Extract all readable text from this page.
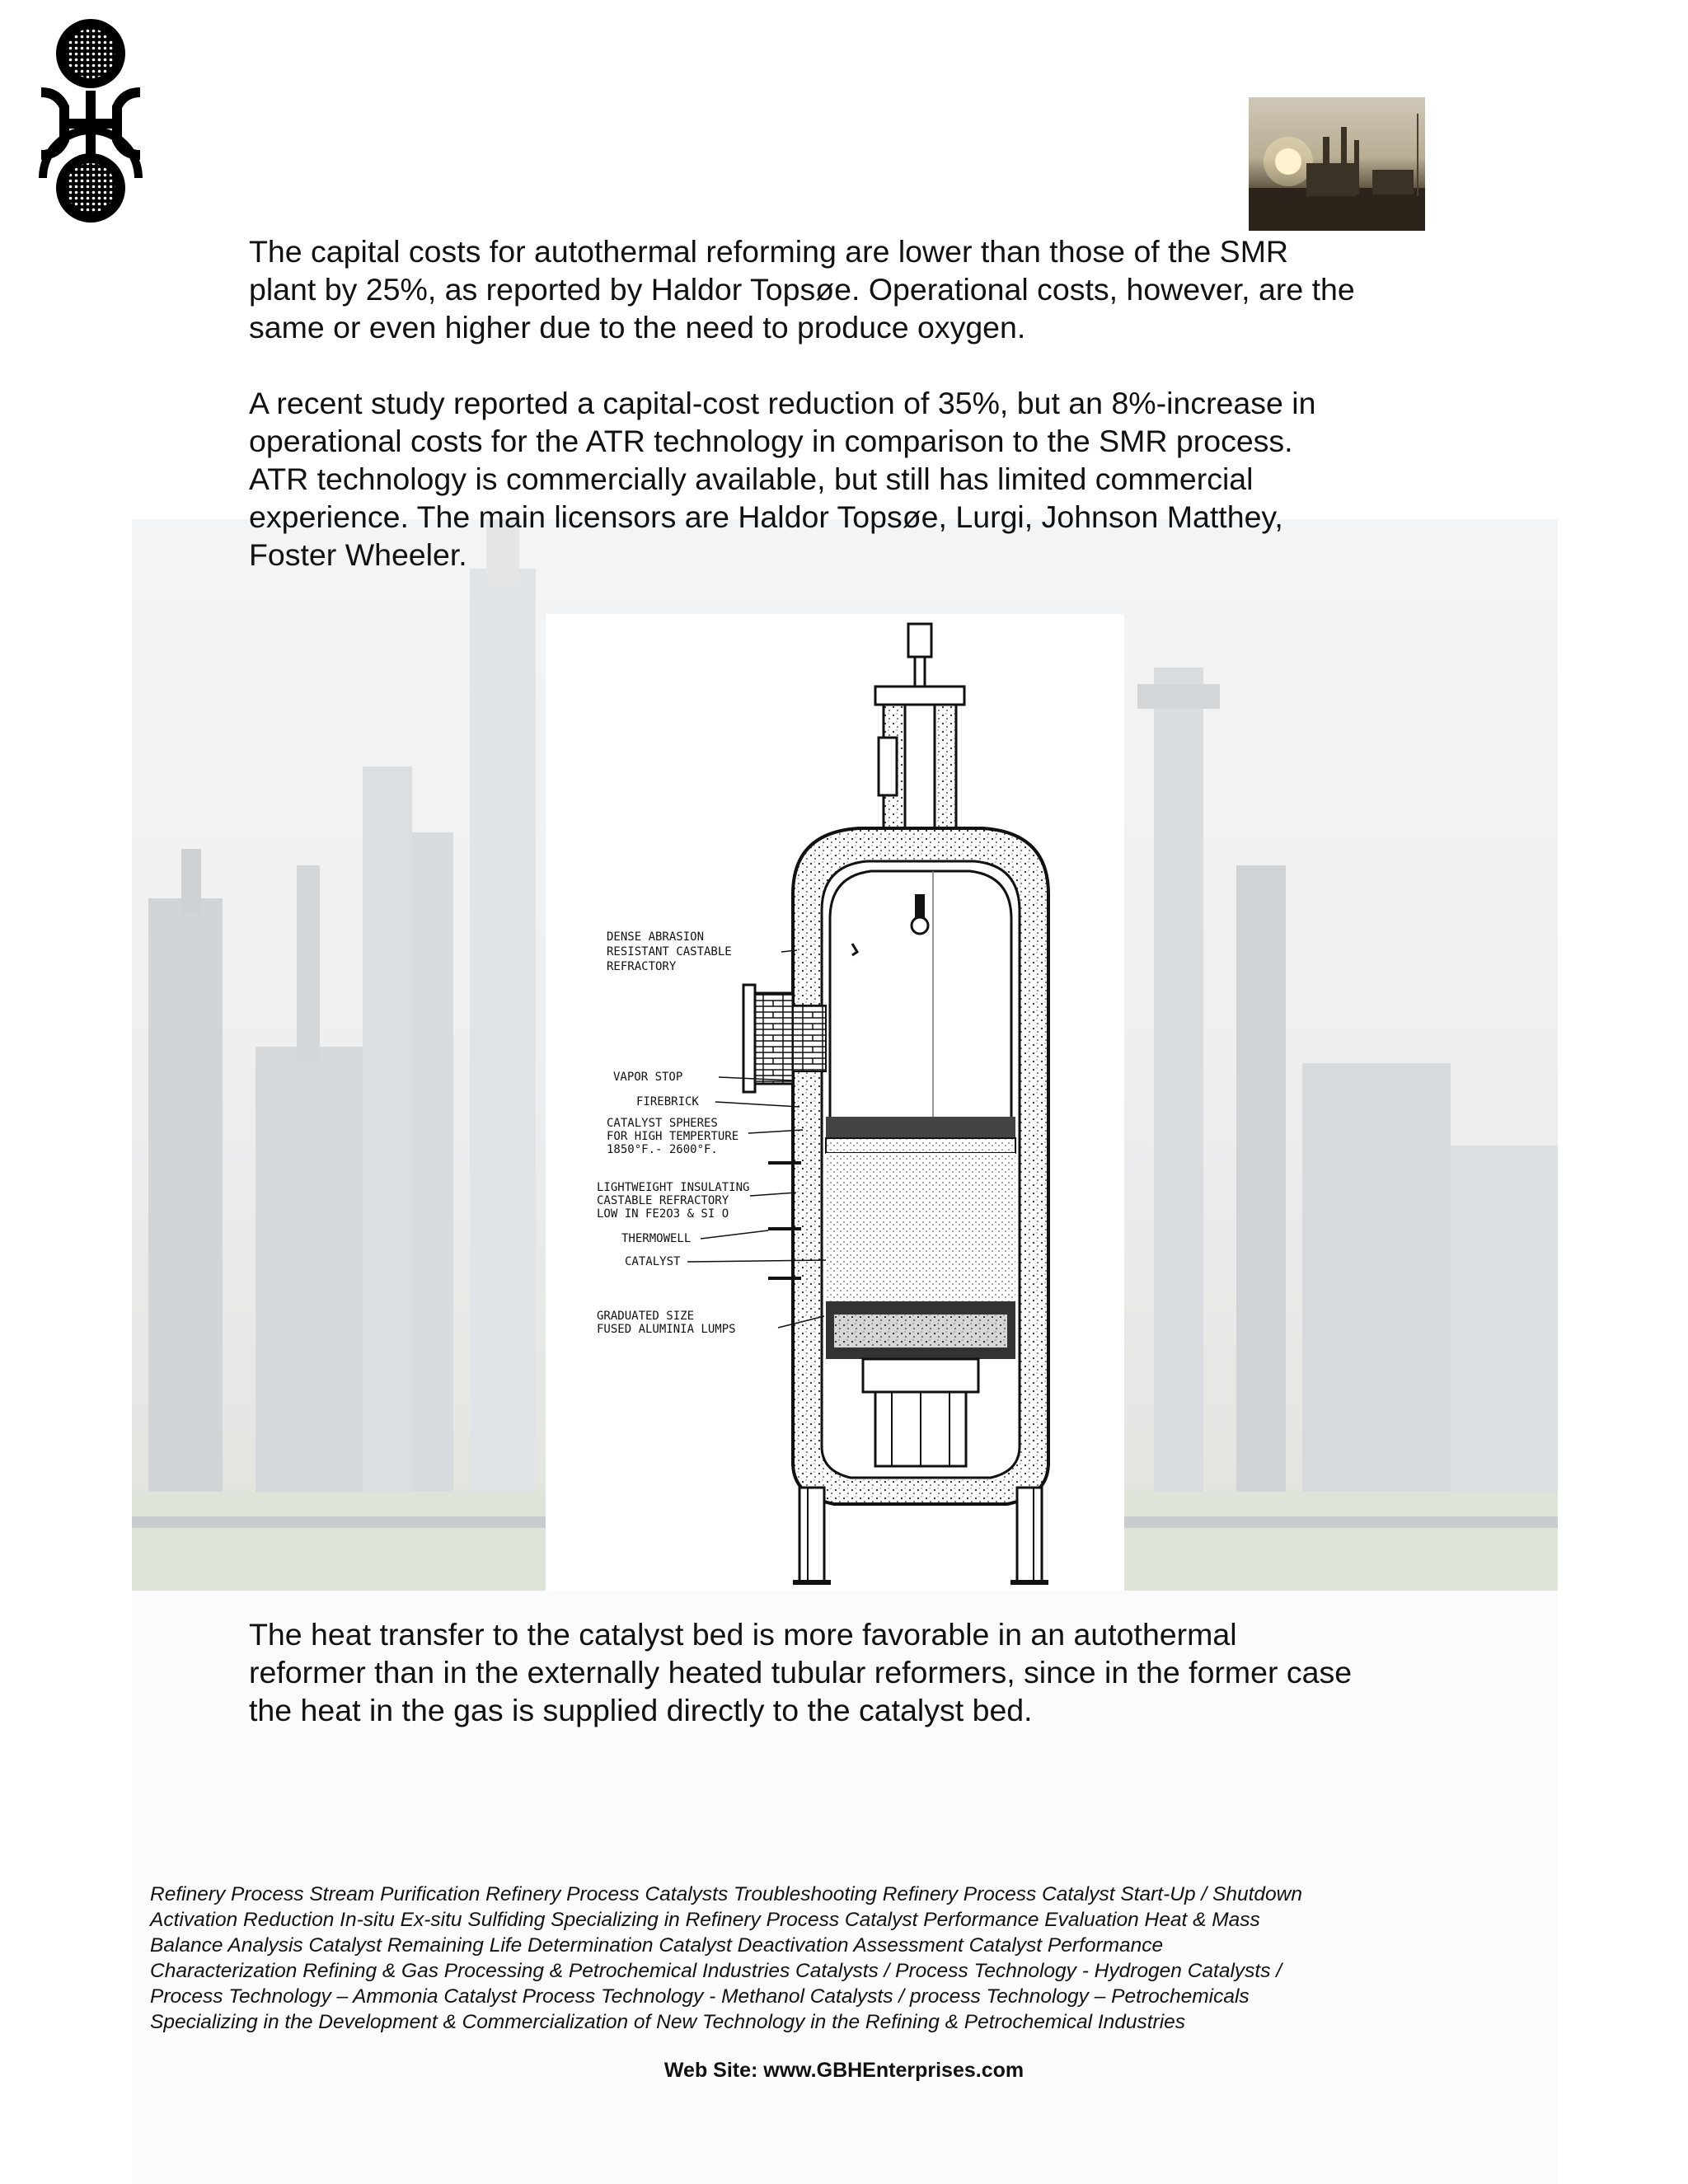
The capital costs for autothermal reforming are lower than those of the SMR
plant by 25%, as reported by Haldor Topsøe. Operational costs, however, are the
same or even higher due to the need to produce oxygen.

A recent study reported a capital-cost reduction of 35%, but an 8%-increase in
operational costs for the ATR technology in comparison to the SMR process.
ATR technology is commercially available, but still has limited commercial
experience. The main licensors are Haldor Topsøe, Lurgi, Johnson Matthey,
Foster Wheeler.

The heat transfer to the catalyst bed is more favorable in an autothermal
reformer than in the externally heated tubular reformers, since in the former case
the heat in the gas is supplied directly to the catalyst bed.

DENSE ABRASION
RESISTANT CASTABLE
REFRACTORY
VAPOR STOP
FIREBRICK
CATALYST SPHERES
FOR HIGH TEMPERTURE
1850°F.- 2600°F.
LIGHTWEIGHT INSULATING
CASTABLE REFRACTORY
LOW IN FE2O3 & SI O
THERMOWELL
CATALYST
GRADUATED SIZE
FUSED ALUMINIA LUMPS
Refinery Process Stream Purification Refinery Process Catalysts Troubleshooting Refinery Process Catalyst Start-Up / Shutdown
Activation Reduction In-situ Ex-situ Sulfiding Specializing in Refinery Process Catalyst Performance Evaluation Heat & Mass
Balance Analysis Catalyst Remaining Life Determination Catalyst Deactivation Assessment Catalyst Performance
Characterization Refining & Gas Processing & Petrochemical Industries Catalysts / Process Technology - Hydrogen Catalysts /
Process Technology – Ammonia Catalyst Process Technology - Methanol Catalysts / process Technology – Petrochemicals
Specializing in the Development & Commercialization of New Technology in the Refining & Petrochemical Industries
Web Site: www.GBHEnterprises.com
